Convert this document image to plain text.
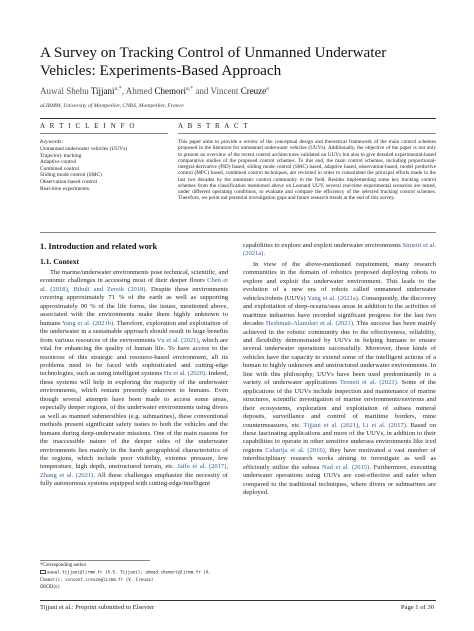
A Survey on Tracking Control of Unmanned Underwater Vehicles: Experiments-Based Approach
Auwal Shehu Tijjani$^{a,*}$, Ahmed Chemori$^{a,*}$ and Vincent Creuze$^a$
aLIRMM, University of Montpellier, CNRS, Montpellier, France
A R T I C L E I N F O	A B S T R A C T
Keywords:
Unmanned underwater vehicles (UUVs)
Trajectory tracking
Adaptive control
Combined control
Sliding mode control (SMC)
Observation-based control
Real-time experiments.
This paper aims to provide a review of the conceptual design and theoretical framework of the main control schemes proposed in the literature for unmanned underwater vehicles (UUVs). Additionally, the objective of the paper is not only to present an overview of the recent control architectures validated on UUVs but also to give detailed experimental-based comparative studies of the proposed control schemes. To this end, the main control schemes, including proportional-integral-derivative (PID) based, sliding mode control (SMC) based, adaptive based, observation-based, model predictive control (MPC) based, combined control techniques, are revisited in order to consolidate the principal efforts made in the last two decades by the automatic control community in the field. Besides implementing some key tracking control schemes from the classification mentioned above on Leonard UUV, several real-time experimental scenarios are tested, under different operating conditions, to evaluate and compare the efficiency of the selected tracking control schemes. Therefore, we point out potential investigation gaps and future research trends at the end of this survey.
1. Introduction and related work
1.1. Context

The marine/underwater environments pose technical, scientific, and economic challenges in accessing most of their deeper floors Chen et al. (2018), Bibuli and Zereik (2018). Despite these environments covering approximately 71 % of the earth as well as supporting approximately 90 % of the life forms, the issues, mentioned above, associated with the environments make them highly unknown to humans Yang et al. (2021b). Therefore, exploration and exploitation of the underwater in a sustainable approach should result in huge benefits from various resources of the environments Vu et al. (2021), which are vital for enhancing the quality of human life. To have access to the resources of this strategic and resource-based environment, all its problems need to be faced with sophisticated and cutting-edge technologies, such as using intelligent systems Hu et al. (2020). Indeed, these systems will help in exploring the majority of the underwater environments, which remain presently unknown to humans. Even though several attempts have been made to access some areas, especially deeper regions, of the underwater environments using divers as well as manned submersibles (e.g. submarines), these conventional methods present significant safety issues to both the vehicles and the humans during deep-underwater missions. One of the main reasons for the inaccessible nature of the deeper sides of the underwater environments lies mainly in the harsh geographical characteristics of the regions, which include poor visibility, extreme pressure, low temperature, high depth, unstructured terrain, etc. Jaffe et al. (2017), Zhang et al. (2021). All these challenges emphasize the necessity of fully autonomous systems equipped with cutting-edge/intelligent

capabilities to explore and exploit underwater environments Simetti et al. (2021a).

In view of the above-mentioned requirement, many research communities in the domain of robotics proposed deploying robots to explore and exploit the underwater environment. This leads to the evolution of a new era of robots called unmanned underwater vehicles/robots (UUVs) Yang et al. (2021a). Consequently, the discovery and exploitation of deep-oceans/seas areas in addition to the activities of maritime industries have recorded significant progress for the last two decades Heshmati-Alamdari et al. (2021). This success has been mainly achieved in the robotic community due to the effectiveness, reliability, and flexibility demonstrated by UUVs in helping humans to ensure several underwater operations successfully. Moreover, these kinds of vehicles have the capacity to extend some of the intelligent actions of a human to highly unknown and unstructured underwater environments. In line with this philosophy, UUVs have been used predominantly in a variety of underwater applications Teeneti et al. (2021). Some of the applications of the UUVs include inspection and maintenance of marine structures, scientific investigation of marine environments/environs and their ecosystems, exploration and exploitation of subsea mineral deposits, surveillance and control of maritime borders, mine countermeasures, etc. Tijjani et al. (2021), Li et al. (2017). Based on these fascinating applications and more of the UUVs, in addition to their capabilities to operate in other sensitive undersea environments like iced regions Caharija et al. (2016), they have motivated a vast number of interdisciplinary research works aiming to investigate as well as efficiently utilize the subsea Nad et al. (2015). Furthermore, executing underwater operations using UUVs are cost-effective and safer when compared to the traditional techniques, where divers or submarines are deployed.

*Corresponding author
auwal.tijjani@lirmm.fr (A.S. Tijjani); ahmed.chemori@lirmm.fr (A.
Chemori); vincent.creuze@lirmm.fr (V. Creuze)
ORCID(s):
Tijjani et al.: Preprint submitted to Elsevier	Page 1 of 30
